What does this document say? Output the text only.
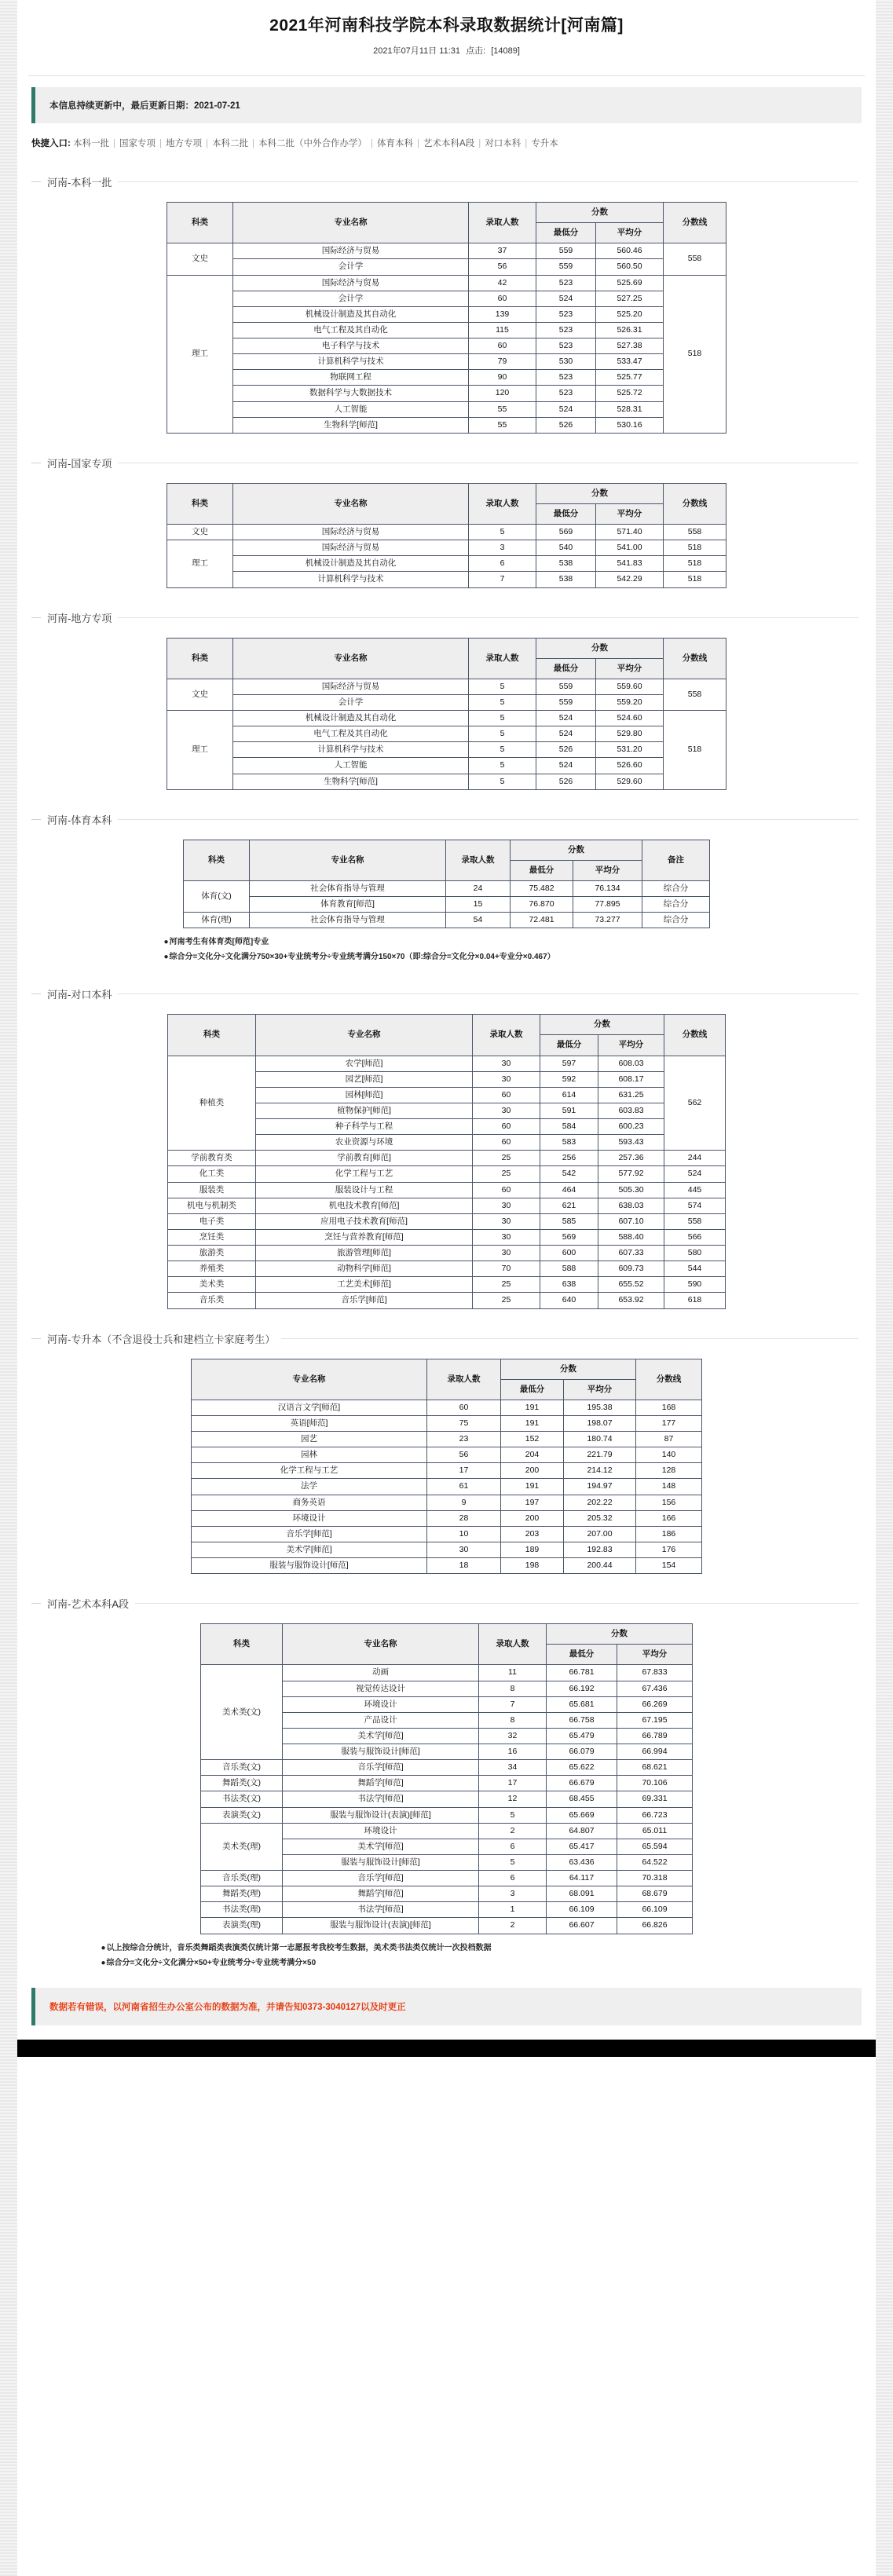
2021年河南科技学院本科录取数据统计[河南篇]
2021年07月11日 11:31 点击: [14089]
本信息持续更新中，最后更新日期：2021-07-21
快捷入口: 本科一批 | 国家专项 | 地方专项 | 本科二批 | 本科二批（中外合作办学） | 体育本科 | 艺术本科A段 | 对口本科 | 专升本
河南-本科一批
科类	专业名称	录取人数	分数		分数线
			最低分	平均分	
文史	国际经济与贸易	37	559	560.46	558
	会计学	56	559	560.50	
理工	国际经济与贸易	42	523	525.69	518
	会计学	60	524	527.25	
	机械设计制造及其自动化	139	523	525.20	
	电气工程及其自动化	115	523	526.31	
	电子科学与技术	60	523	527.38	
	计算机科学与技术	79	530	533.47	
	物联网工程	90	523	525.77	
	数据科学与大数据技术	120	523	525.72	
	人工智能	55	524	528.31	
	生物科学[师范]	55	526	530.16	
河南-国家专项
科类	专业名称	录取人数	分数		分数线
			最低分	平均分	
文史	国际经济与贸易	5	569	571.40	558
理工	国际经济与贸易	3	540	541.00	518
	机械设计制造及其自动化	6	538	541.83	518
	计算机科学与技术	7	538	542.29	518
河南-地方专项
科类	专业名称	录取人数	分数		分数线
			最低分	平均分	
文史	国际经济与贸易	5	559	559.60	558
	会计学	5	559	559.20	
理工	机械设计制造及其自动化	5	524	524.60	518
	电气工程及其自动化	5	524	529.80	
	计算机科学与技术	5	526	531.20	
	人工智能	5	524	526.60	
	生物科学[师范]	5	526	529.60	
河南-体育本科
科类	专业名称	录取人数	分数		备注
			最低分	平均分	
体育(文)	社会体育指导与管理	24	75.482	76.134	综合分
	体育教育[师范]	15	76.870	77.895	综合分
体育(理)	社会体育指导与管理	54	72.481	73.277	综合分
●河南考生有体育类[师范]专业
●综合分=文化分÷文化满分750×30+专业统考分÷专业统考满分150×70（即:综合分=文化分×0.04+专业分×0.467）
河南-对口本科
科类	专业名称	录取人数	分数		分数线
			最低分	平均分	
种植类	农学[师范]	30	597	608.03	562
	园艺[师范]	30	592	608.17	
	园林[师范]	60	614	631.25	
	植物保护[师范]	30	591	603.83	
	种子科学与工程	60	584	600.23	
	农业资源与环境	60	583	593.43	
学前教育类	学前教育[师范]	25	256	257.36	244
化工类	化学工程与工艺	25	542	577.92	524
服装类	服装设计与工程	60	464	505.30	445
机电与机制类	机电技术教育[师范]	30	621	638.03	574
电子类	应用电子技术教育[师范]	30	585	607.10	558
烹饪类	烹饪与营养教育[师范]	30	569	588.40	566
旅游类	旅游管理[师范]	30	600	607.33	580
养殖类	动物科学[师范]	70	588	609.73	544
美术类	工艺美术[师范]	25	638	655.52	590
音乐类	音乐学[师范]	25	640	653.92	618
河南-专升本（不含退役士兵和建档立卡家庭考生）
专业名称	录取人数	分数		分数线
		最低分	平均分	
汉语言文学[师范]	60	191	195.38	168
英语[师范]	75	191	198.07	177
园艺	23	152	180.74	87
园林	56	204	221.79	140
化学工程与工艺	17	200	214.12	128
法学	61	191	194.97	148
商务英语	9	197	202.22	156
环境设计	28	200	205.32	166
音乐学[师范]	10	203	207.00	186
美术学[师范]	30	189	192.83	176
服装与服饰设计[师范]	18	198	200.44	154
河南-艺术本科A段
科类	专业名称	录取人数	分数	
			最低分	平均分
美术类(文)	动画	11	66.781	67.833
	视觉传达设计	8	66.192	67.436
	环境设计	7	65.681	66.269
	产品设计	8	66.758	67.195
	美术学[师范]	32	65.479	66.789
	服装与服饰设计[师范]	16	66.079	66.994
音乐类(文)	音乐学[师范]	34	65.622	68.621
舞蹈类(文)	舞蹈学[师范]	17	66.679	70.106
书法类(文)	书法学[师范]	12	68.455	69.331
表演类(文)	服装与服饰设计(表演)[师范]	5	65.669	66.723
美术类(理)	环境设计	2	64.807	65.011
	美术学[师范]	6	65.417	65.594
	服装与服饰设计[师范]	5	63.436	64.522
音乐类(理)	音乐学[师范]	6	64.117	70.318
舞蹈类(理)	舞蹈学[师范]	3	68.091	68.679
书法类(理)	书法学[师范]	1	66.109	66.109
表演类(理)	服装与服饰设计(表演)[师范]	2	66.607	66.826
●以上按综合分统计，音乐类舞蹈类表演类仅统计第一志愿报考我校考生数据，美术类书法类仅统计一次投档数据
●综合分=文化分÷文化满分×50+专业统考分÷专业统考满分×50
数据若有错误，以河南省招生办公室公布的数据为准，并请告知0373-3040127以及时更正
